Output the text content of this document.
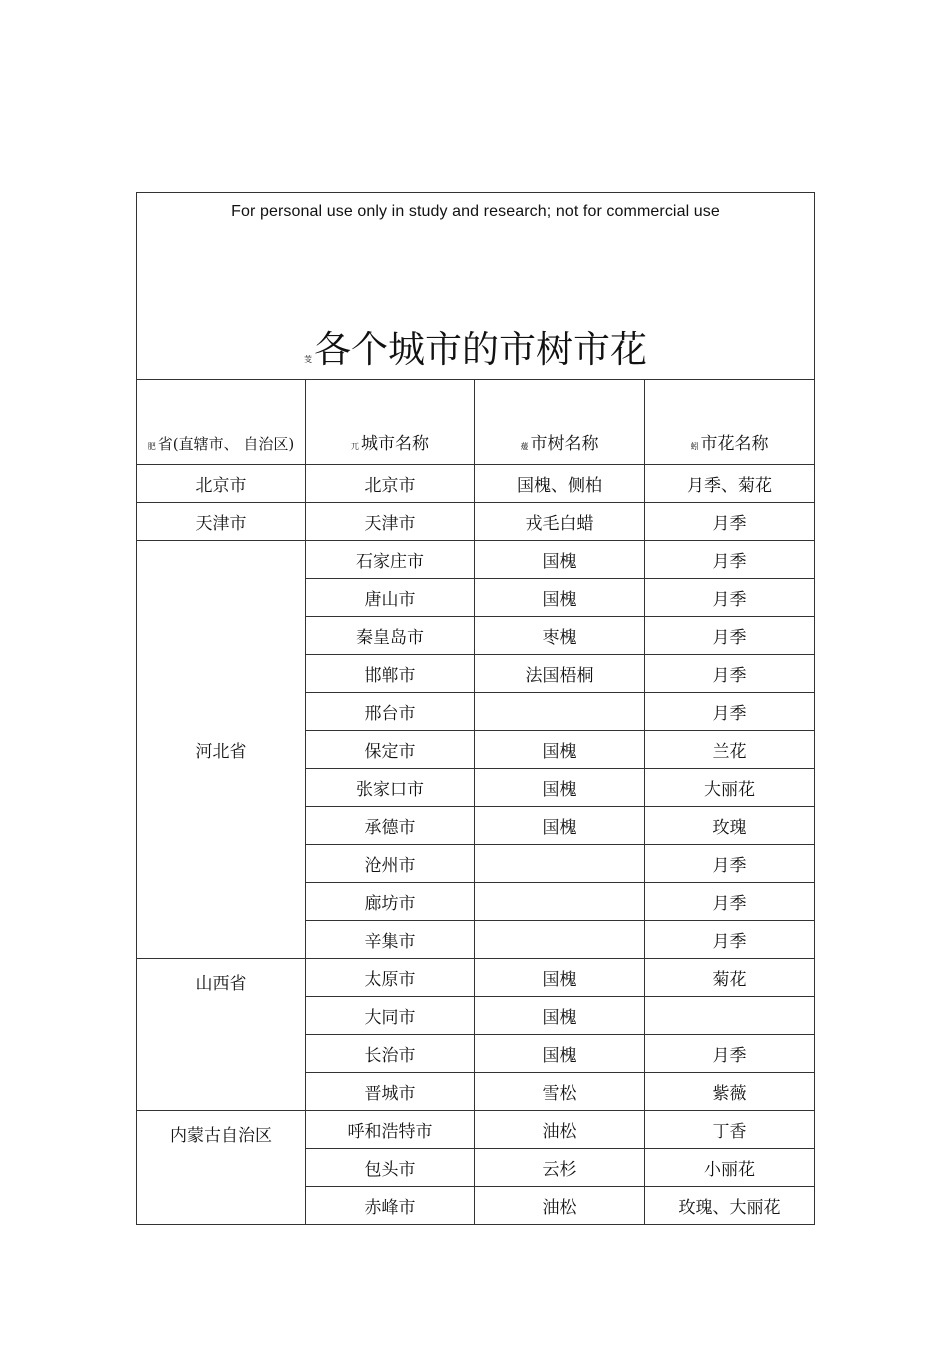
For personal use only in study and research; not for commercial use
芰各个城市的市树市花			

肥 省(直辖市、 自治区)	兀 城市名称	蕿 市树名称	蚓 市花名称
北京市	北京市	国槐、侧柏	月季、菊花
天津市	天津市	戎毛白蜡	月季
河北省	石家庄市	国槐	月季
	唐山市	国槐	月季
	秦皇岛市	枣槐	月季
	邯郸市	法国梧桐	月季
	邢台市		月季
	保定市	国槐	兰花
	张家口市	国槐	大丽花
	承德市	国槐	玫瑰
	沧州市		月季
	廊坊市		月季
	辛集市		月季
山西省	太原市	国槐	菊花
	大同市	国槐	
	长治市	国槐	月季
	晋城市	雪松	紫薇
内蒙古自治区	呼和浩特市	油松	丁香
	包头市	云杉	小丽花
	赤峰市	油松	玫瑰、大丽花
